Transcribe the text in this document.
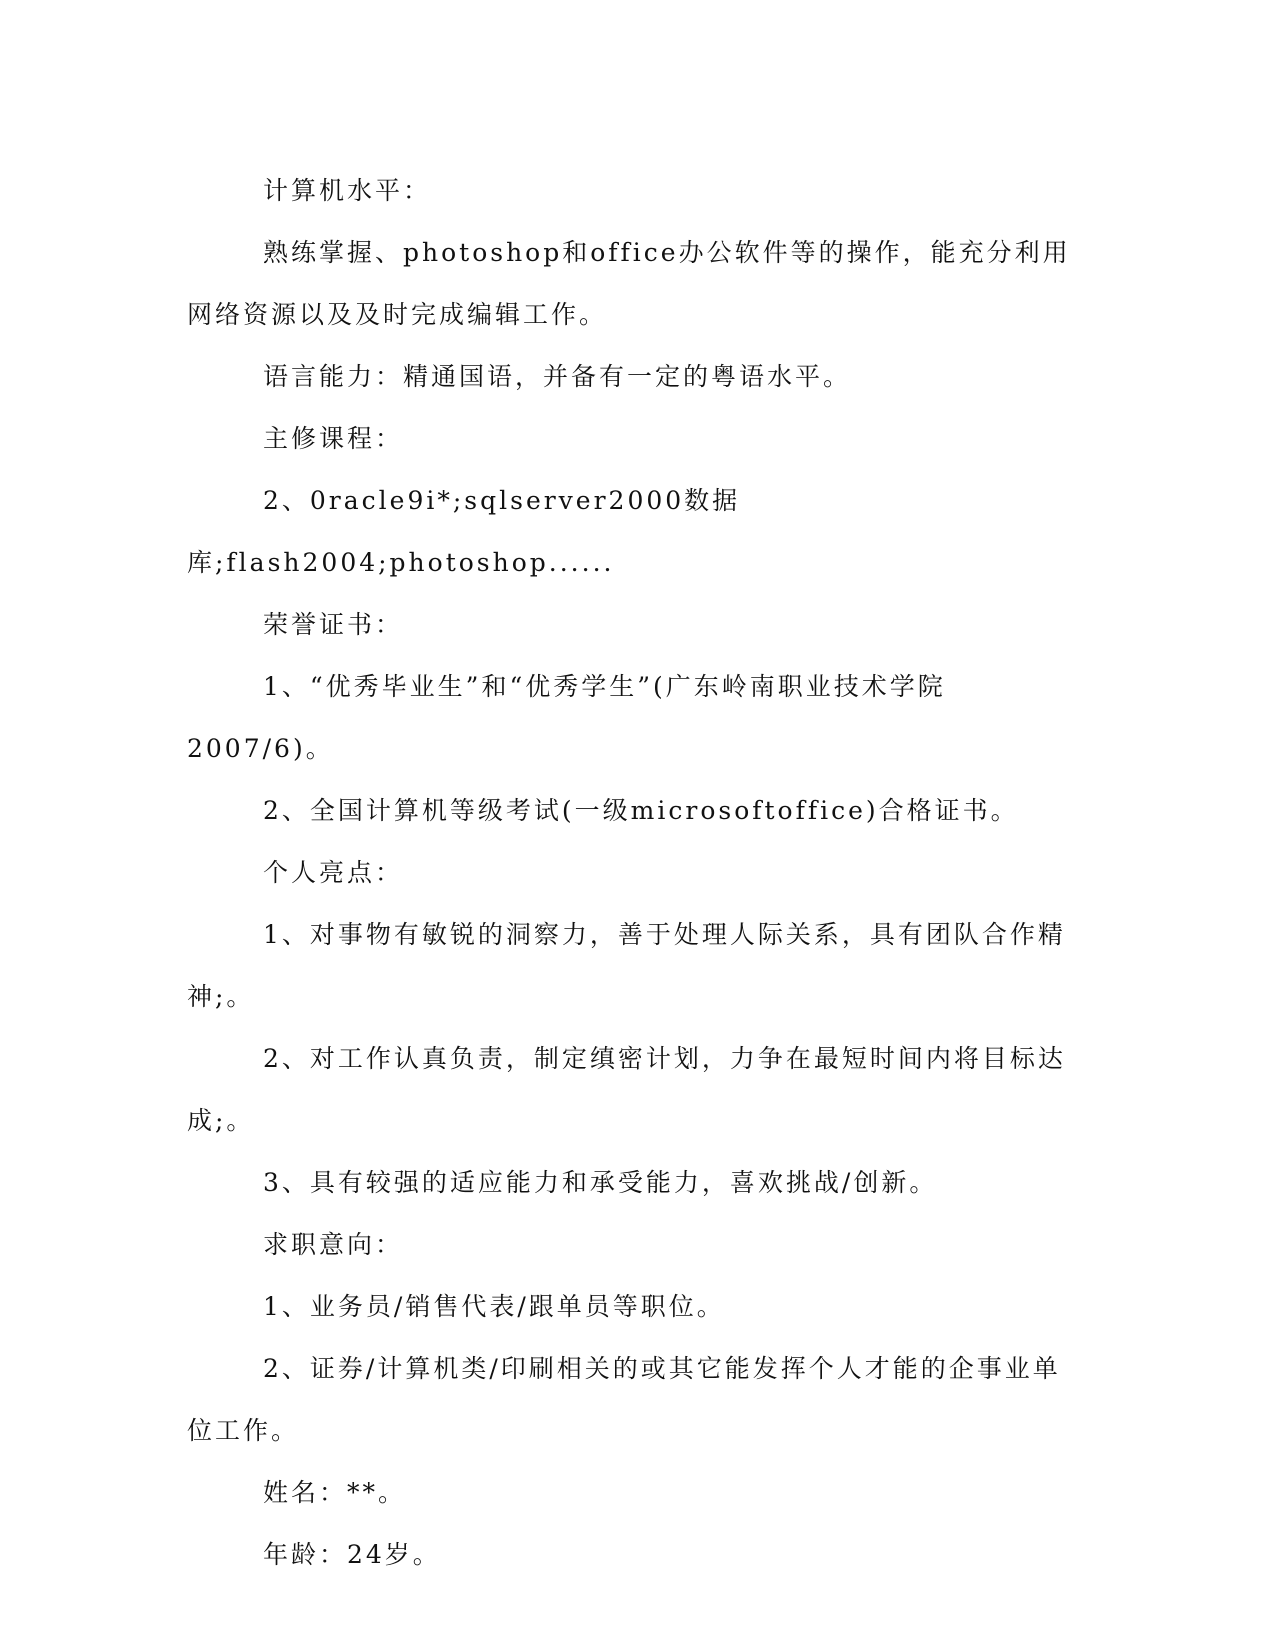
计算机水平：

熟练掌握、photoshop和office办公软件等的操作，能充分利用网络资源以及及时完成编辑工作。

语言能力：精通国语，并备有一定的粤语水平。

主修课程：

2、0racle9i*;sqlserver2000数据库;flash2004;photoshop......

荣誉证书：

1、“优秀毕业生”和“优秀学生”(广东岭南职业技术学院2007/6)。

2、全国计算机等级考试(一级microsoftoffice)合格证书。

个人亮点：

1、对事物有敏锐的洞察力，善于处理人际关系，具有团队合作精神;。

2、对工作认真负责，制定缜密计划，力争在最短时间内将目标达成;。

3、具有较强的适应能力和承受能力，喜欢挑战/创新。

求职意向：

1、业务员/销售代表/跟单员等职位。

2、证券/计算机类/印刷相关的或其它能发挥个人才能的企事业单位工作。

姓名：**。

年龄：24岁。
